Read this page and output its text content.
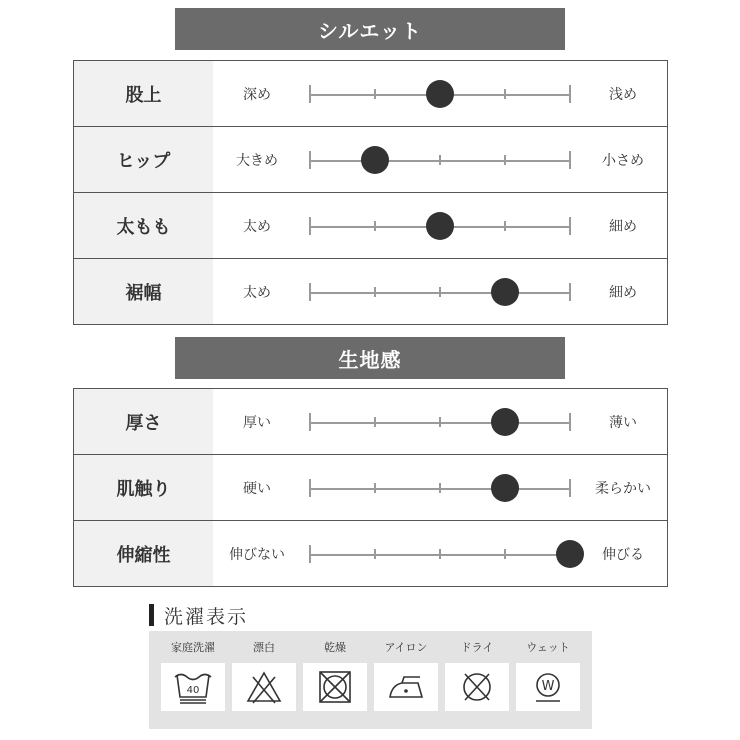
シルエット
股上	深め	浅め
ヒップ	大きめ	小さめ
太もも	太め	細め
裾幅	太め	細め
生地感
厚さ	厚い	薄い
肌触り	硬い	柔らかい
伸縮性	伸びない	伸びる
洗濯表示
家庭洗濯
40
漂白	乾燥	アイロン	ドライ	ウェット
W
